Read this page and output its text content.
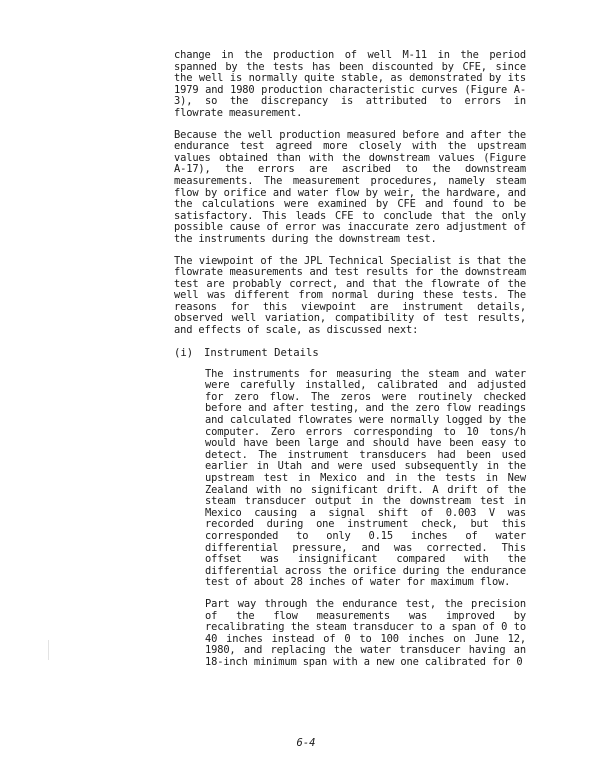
change in the production of well M-11 in the period spanned by the tests has been discounted by CFE, since the well is normally quite stable, as demonstrated by its 1979 and 1980 production characteristic curves (Figure A-3), so the discrepancy is attributed to errors in flowrate measurement.

Because the well production measured before and after the endurance test agreed more closely with the upstream values obtained than with the downstream values (Figure A-17), the errors are ascribed to the downstream measurements. The measurement procedures, namely steam flow by orifice and water flow by weir, the hardware, and the calculations were examined by CFE and found to be satisfactory. This leads CFE to conclude that the only possible cause of error was inaccurate zero adjustment of the instruments during the downstream test.

The viewpoint of the JPL Technical Specialist is that the flowrate measurements and test results for the downstream test are probably correct, and that the flowrate of the well was different from normal during these tests. The reasons for this viewpoint are instrument details, observed well variation, compatibility of test results, and effects of scale, as discussed next:

(i) Instrument Details

The instruments for measuring the steam and water were carefully installed, calibrated and adjusted for zero flow. The zeros were routinely checked before and after testing, and the zero flow readings and calculated flowrates were normally logged by the computer. Zero errors corresponding to 10 tons/h would have been large and should have been easy to detect. The instrument transducers had been used earlier in Utah and were used subsequently in the upstream test in Mexico and in the tests in New Zealand with no significant drift. A drift of the steam transducer output in the downstream test in Mexico causing a signal shift of 0.003 V was recorded during one instrument check, but this corresponded to only 0.15 inches of water differential pressure, and was corrected. This offset was insignificant compared with the differential across the orifice during the endurance test of about 28 inches of water for maximum flow.

Part way through the endurance test, the precision of the flow measurements was improved by recalibrating the steam transducer to a span of 0 to 40 inches instead of 0 to 100 inches on June 12, 1980, and replacing the water transducer having an 18-inch minimum span with a new one calibrated for 0

6-4
